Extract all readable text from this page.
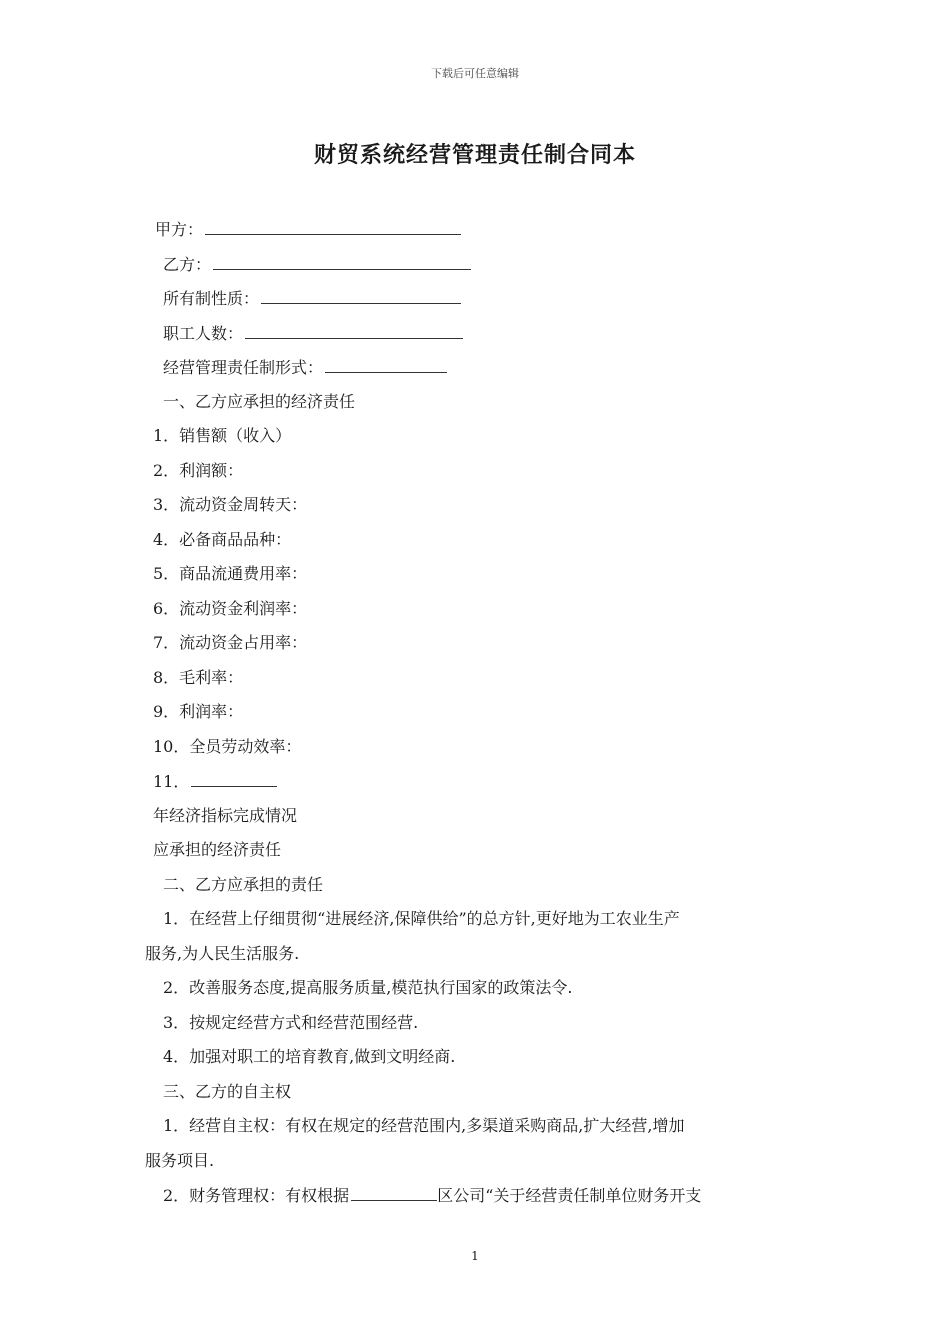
下载后可任意编辑
财贸系统经营管理责任制合同本
甲方：
乙方：
所有制性质：
职工人数：
经营管理责任制形式：
一、乙方应承担的经济责任
1．销售额（收入）
2．利润额：
3．流动资金周转天：
4．必备商品品种：
5．商品流通费用率：
6．流动资金利润率：
7．流动资金占用率：
8．毛利率：
9．利润率：
10．全员劳动效率：
11．
年经济指标完成情况
应承担的经济责任
二、乙方应承担的责任
1．在经营上仔细贯彻“进展经济,保障供给”的总方针,更好地为工农业生产
服务,为人民生活服务.
2．改善服务态度,提高服务质量,模范执行国家的政策法令.
3．按规定经营方式和经营范围经营.
4．加强对职工的培育教育,做到文明经商.
三、乙方的自主权
1．经营自主权：有权在规定的经营范围内,多渠道采购商品,扩大经营,增加
服务项目.
2．财务管理权：有权根据	区公司“关于经营责任制单位财务开支
1
